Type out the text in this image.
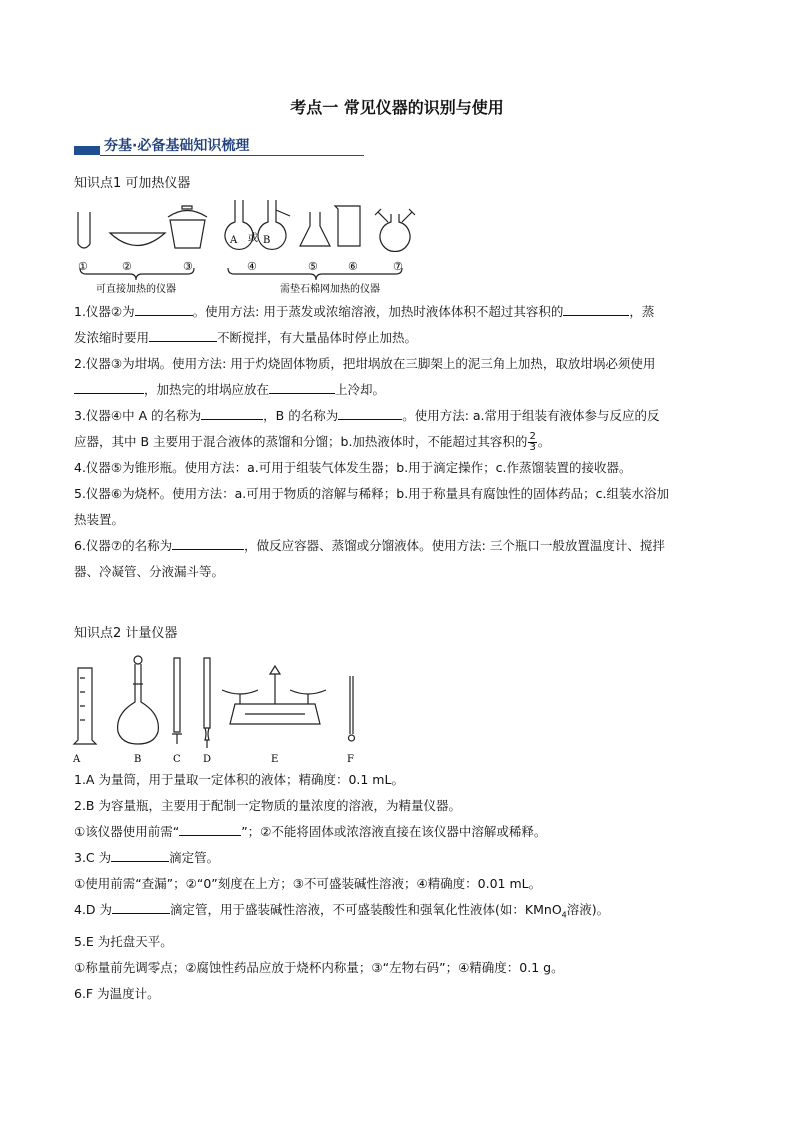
考点一 常见仪器的识别与使用
夯基·必备基础知识梳理
知识点1 可加热仪器
A 或 B
①	②	③	④	⑤	⑥	⑦
可直接加热的仪器	需垫石棉网加热的仪器
1.仪器②为	。使用方法: 用于蒸发或浓缩溶液，加热时液体体积不超过其容积的	，蒸
发浓缩时要用	不断搅拌，有大量晶体时停止加热。
2.仪器③为坩埚。使用方法: 用于灼烧固体物质，把坩埚放在三脚架上的泥三角上加热，取放坩埚必须使用
，加热完的坩埚应放在	上冷却。
3.仪器④中 A 的名称为	，B 的名称为	。使用方法: a.常用于组装有液体参与反应的反
应器，其中 B 主要用于混合液体的蒸馏和分馏；b.加热液体时，不能超过其容积的 $\frac{2}{3}$ 。
4.仪器⑤为锥形瓶。使用方法：a.可用于组装气体发生器；b.用于滴定操作；c.作蒸馏装置的接收器。
5.仪器⑥为烧杯。使用方法：a.可用于物质的溶解与稀释；b.用于称量具有腐蚀性的固体药品；c.组装水浴加
热装置。
6.仪器⑦的名称为	，做反应容器、蒸馏或分馏液体。使用方法: 三个瓶口一般放置温度计、搅拌
器、冷凝管、分液漏斗等。
知识点2 计量仪器
A	B	C D	E	F
1.A 为量筒，用于量取一定体积的液体；精确度：0.1 mL。
2.B 为容量瓶，主要用于配制一定物质的量浓度的溶液，为精量仪器。
①该仪器使用前需“	”；②不能将固体或浓溶液直接在该仪器中溶解或稀释。
3.C 为	滴定管。
①使用前需“查漏”；②“0”刻度在上方；③不可盛装碱性溶液；④精确度：0.01 mL。
4.D 为	滴定管，用于盛装碱性溶液，不可盛装酸性和强氧化性液体(如：KMnO$_4$溶液)。
5.E 为托盘天平。
①称量前先调零点；②腐蚀性药品应放于烧杯内称量；③“左物右码”；④精确度：0.1 g。
6.F 为温度计。
